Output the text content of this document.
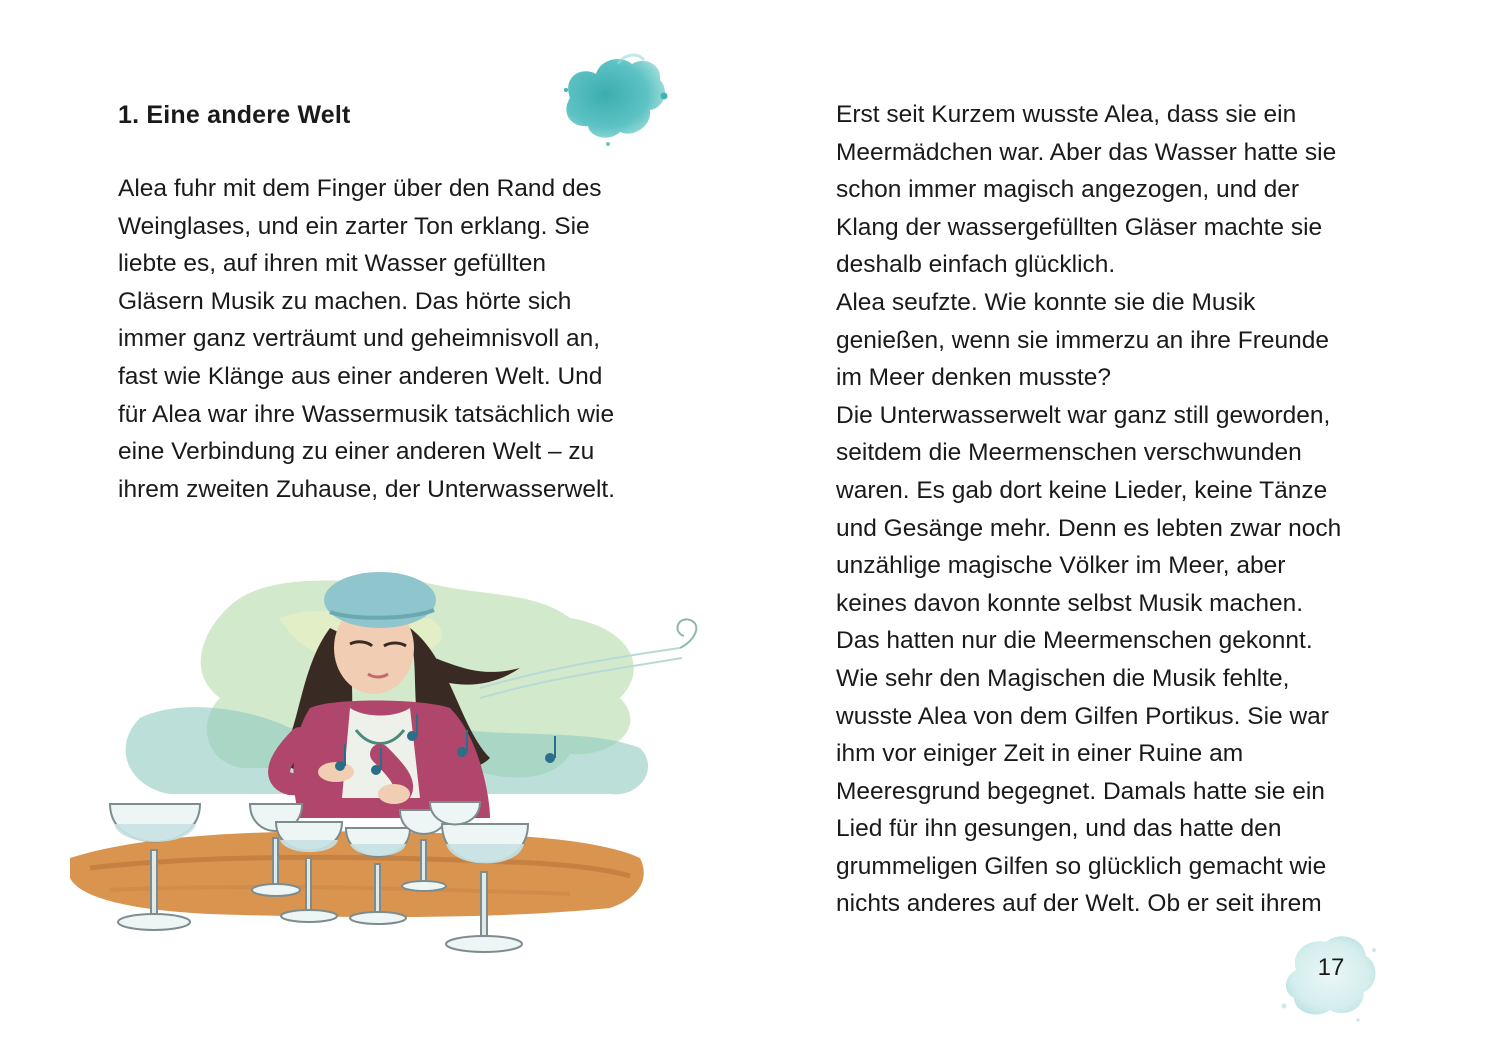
1. Eine andere Welt

Alea fuhr mit dem Finger über den Rand des
Weinglases, und ein zarter Ton erklang. Sie
liebte es, auf ihren mit Wasser gefüllten
Gläsern Musik zu machen. Das hörte sich
immer ganz verträumt und geheimnisvoll an,
fast wie Klänge aus einer anderen Welt. Und
für Alea war ihre Wassermusik tatsächlich wie
eine Verbindung zu einer anderen Welt – zu
ihrem zweiten Zuhause, der Unterwasserwelt.

Erst seit Kurzem wusste Alea, dass sie ein
Meermädchen war. Aber das Wasser hatte sie
schon immer magisch angezogen, und der
Klang der wassergefüllten Gläser machte sie
deshalb einfach glücklich.
Alea seufzte. Wie konnte sie die Musik
genießen, wenn sie immerzu an ihre Freunde
im Meer denken musste?
Die Unterwasserwelt war ganz still geworden,
seitdem die Meermenschen verschwunden
waren. Es gab dort keine Lieder, keine Tänze
und Gesänge mehr. Denn es lebten zwar noch
unzählige magische Völker im Meer, aber
keines davon konnte selbst Musik machen.
Das hatten nur die Meermenschen gekonnt.
Wie sehr den Magischen die Musik fehlte,
wusste Alea von dem Gilfen Portikus. Sie war
ihm vor einiger Zeit in einer Ruine am
Meeresgrund begegnet. Damals hatte sie ein
Lied für ihn gesungen, und das hatte den
grummeligen Gilfen so glücklich gemacht wie
nichts anderes auf der Welt. Ob er seit ihrem

17
